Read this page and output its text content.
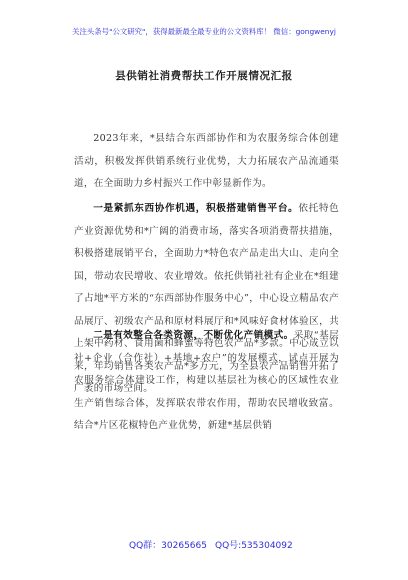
关注头条号"公文研究"，获得最新最全最专业的公文资料库！ 微信：gongwenyj
县供销社消费帮扶工作开展情况汇报

2023年来，*县结合东西部协作和为农服务综合体创建活动，积极发挥供销系统行业优势，大力拓展农产品流通渠道，在全面助力乡村振兴工作中彰显新作为。

一是紧抓东西协作机遇，积极搭建销售平台。依托特色产业资源优势和*广阔的消费市场，落实各项消费帮扶措施，积极搭建展销平台，全面助力*特色农产品走出大山、走向全国，带动农民增收、农业增效。依托供销社社有企业在*组建了占地*平方米的“东西部协作服务中心”，中心设立精品农产品展厅、初级农产品和原材料展厅和*风味好食材体验区，共上架中药材、食用菌和蜂蜜等特色农产品*多款。中心成立以来，年均销售各类农产品*多万元，为全县农产品销售开拓了广袤的市场空间。

二是有效整合各类资源，不断优化产销模式。采取“基层社+企业（合作社）+基地+农户”的发展模式，试点开展为农服务综合体建设工作，构建以基层社为核心的区域性农业生产销售综合体，发挥联农带农作用，帮助农民增收致富。结合*片区花椒特色产业优势，新建*基层供销

QQ群：30265665 QQ号:535304092
